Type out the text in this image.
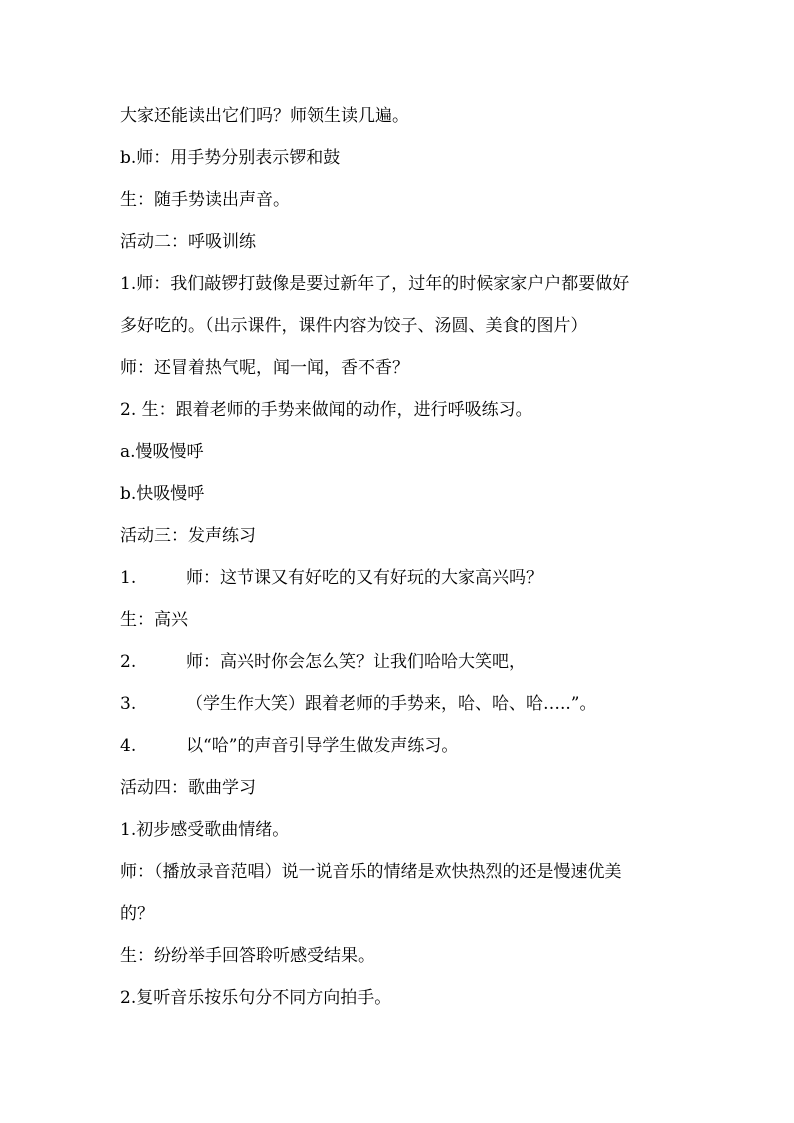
大家还能读出它们吗？师领生读几遍。
b.师：用手势分别表示锣和鼓
生：随手势读出声音。
活动二：呼吸训练
1.师：我们敲锣打鼓像是要过新年了，过年的时候家家户户都要做好
多好吃的。（出示课件，课件内容为饺子、汤圆、美食的图片）
师：还冒着热气呢，闻一闻，香不香？
2. 生：跟着老师的手势来做闻的动作，进行呼吸练习。
a.慢吸慢呼
b.快吸慢呼
活动三：发声练习
1.	师：这节课又有好吃的又有好玩的大家高兴吗？
生：高兴
2.	师：高兴时你会怎么笑？让我们哈哈大笑吧，
3.	（学生作大笑）跟着老师的手势来，哈、哈、哈…..”。
4.	以“哈”的声音引导学生做发声练习。
活动四：歌曲学习
1.初步感受歌曲情绪。
师：（播放录音范唱）说一说音乐的情绪是欢快热烈的还是慢速优美
的？
生：纷纷举手回答聆听感受结果。
2.复听音乐按乐句分不同方向拍手。
